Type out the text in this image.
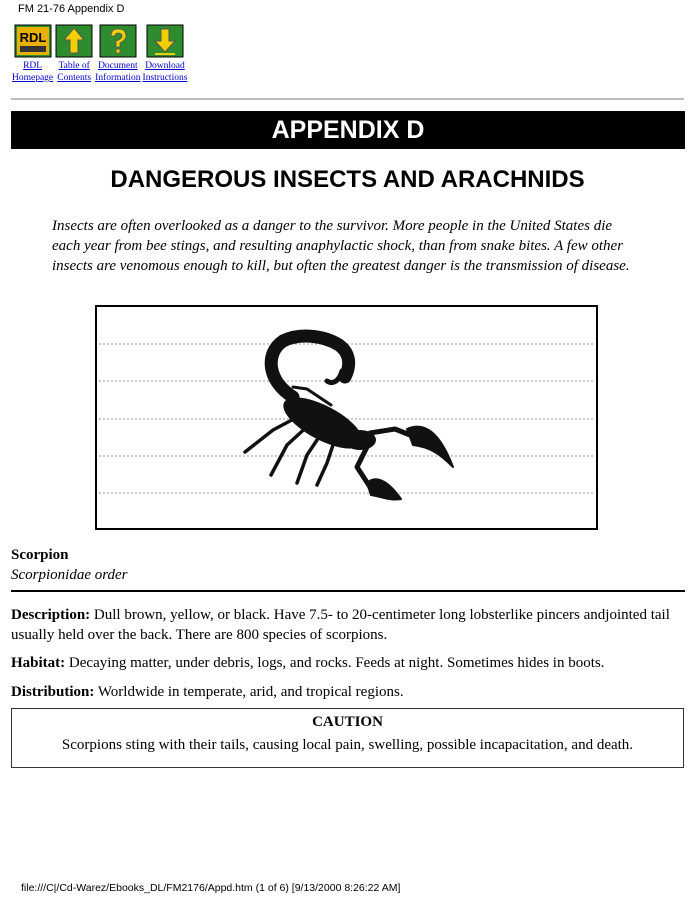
FM 21-76 Appendix D
RDL
RDL
Homepage
Table of
Contents
Document
Information
Download
Instructions
APPENDIX D
DANGEROUS INSECTS AND ARACHNIDS
Insects are often overlooked as a danger to the survivor. More people in the United States die each year from bee stings, and resulting anaphylactic shock, than from snake bites. A few other insects are venomous enough to kill, but often the greatest danger is the transmission of disease.
Scorpion
Scorpionidae order
Description: Dull brown, yellow, or black. Have 7.5- to 20-centimeter long lobsterlike pincers andjointed tail usually held over the back. There are 800 species of scorpions.
Habitat: Decaying matter, under debris, logs, and rocks. Feeds at night. Sometimes hides in boots.
Distribution: Worldwide in temperate, arid, and tropical regions.
CAUTION
Scorpions sting with their tails, causing local pain, swelling, possible incapacitation, and death.
file:///C|/Cd-Warez/Ebooks_DL/FM2176/Appd.htm (1 of 6) [9/13/2000 8:26:22 AM]
